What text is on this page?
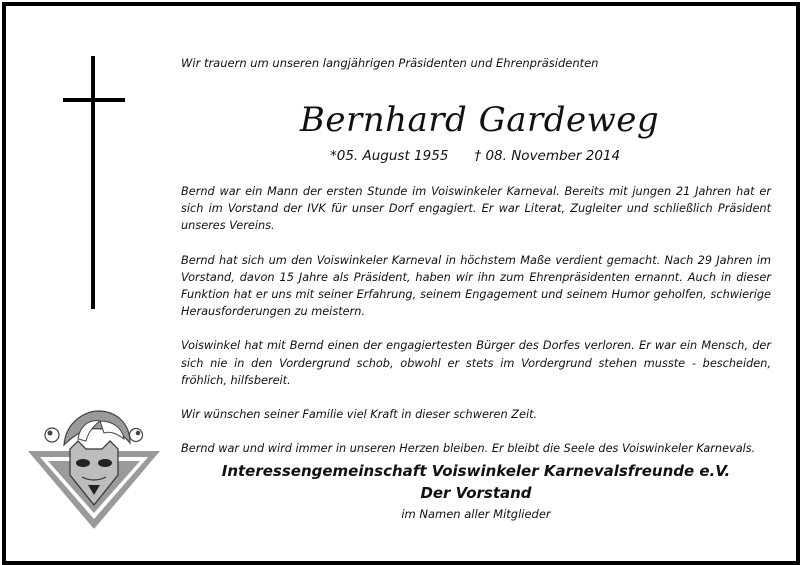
Wir trauern um unseren langjährigen Präsidenten und Ehrenpräsidenten
Bernhard Gardeweg
*05. August 1955 † 08. November 2014

Bernd war ein Mann der ersten Stunde im Voiswinkeler Karneval. Bereits mit jungen 21 Jahren hat er sich im Vorstand der IVK für unser Dorf engagiert. Er war Literat, Zugleiter und schließlich Präsident unseres Vereins.

Bernd hat sich um den Voiswinkeler Karneval in höchstem Maße verdient gemacht. Nach 29 Jahren im Vorstand, davon 15 Jahre als Präsident, haben wir ihn zum Ehrenpräsidenten ernannt. Auch in dieser Funktion hat er uns mit seiner Erfahrung, seinem Engagement und seinem Humor geholfen, schwierige Herausforderungen zu meistern.

Voiswinkel hat mit Bernd einen der engagiertesten Bürger des Dorfes verloren. Er war ein Mensch, der sich nie in den Vordergrund schob, obwohl er stets im Vordergrund stehen musste - bescheiden, fröhlich, hilfsbereit.

Wir wünschen seiner Familie viel Kraft in dieser schweren Zeit.

Bernd war und wird immer in unseren Herzen bleiben. Er bleibt die Seele des Voiswinkeler Karnevals.

Interessengemeinschaft Voiswinkeler Karnevalsfreunde e.V.
Der Vorstand
im Namen aller Mitglieder
